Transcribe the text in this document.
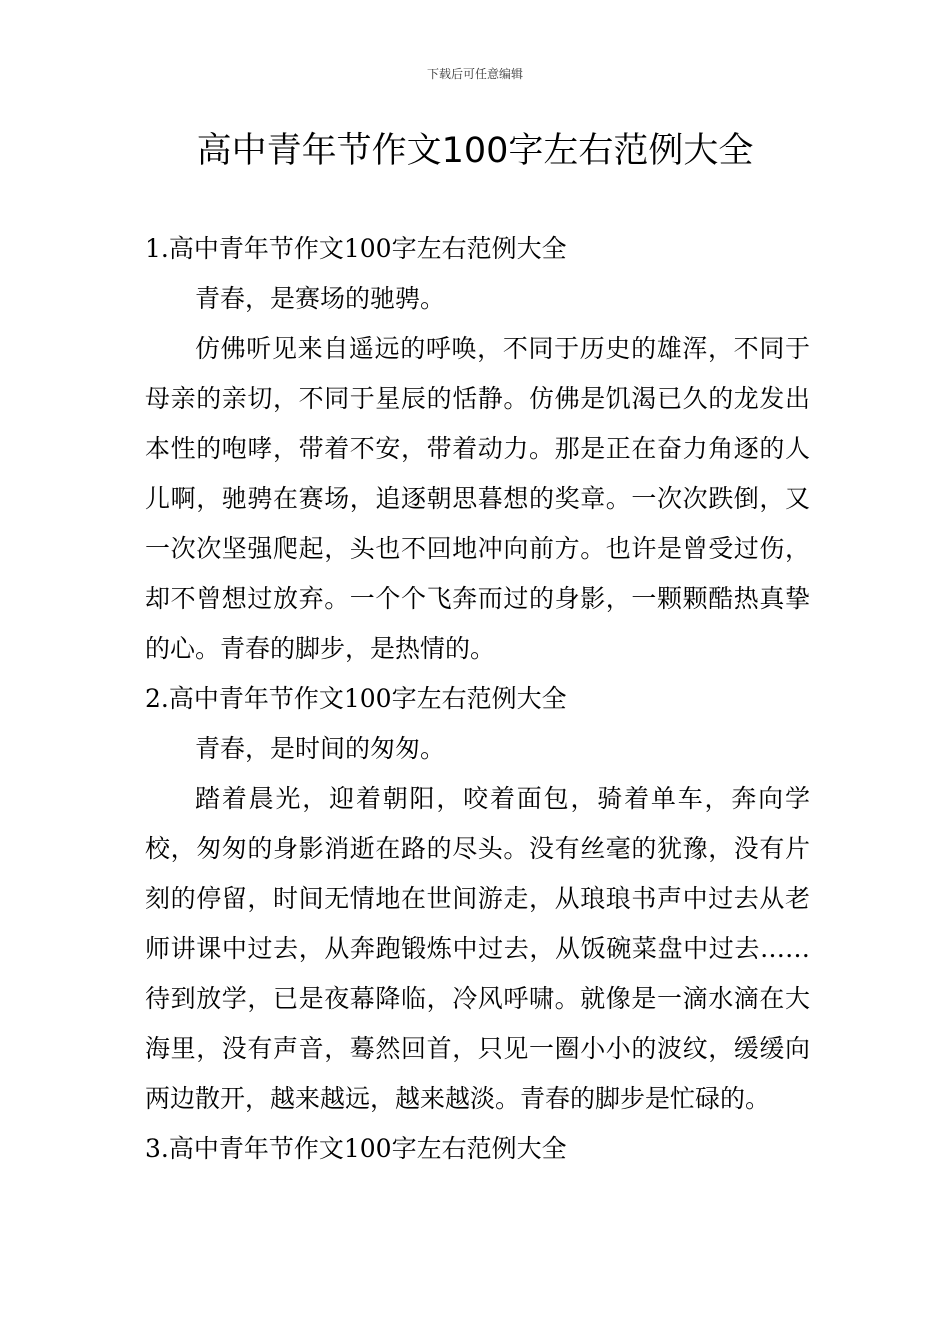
下载后可任意编辑
高中青年节作文100字左右范例大全
1.高中青年节作文100字左右范例大全

青春，是赛场的驰骋。

仿佛听见来自遥远的呼唤，不同于历史的雄浑，不同于母亲的亲切，不同于星辰的恬静。仿佛是饥渴已久的龙发出本性的咆哮，带着不安，带着动力。那是正在奋力角逐的人儿啊，驰骋在赛场，追逐朝思暮想的奖章。一次次跌倒，又一次次坚强爬起，头也不回地冲向前方。也许是曾受过伤，却不曾想过放弃。一个个飞奔而过的身影，一颗颗酷热真挚的心。青春的脚步，是热情的。

2.高中青年节作文100字左右范例大全

青春，是时间的匆匆。

踏着晨光，迎着朝阳，咬着面包，骑着单车，奔向学校，匆匆的身影消逝在路的尽头。没有丝毫的犹豫，没有片刻的停留，时间无情地在世间游走，从琅琅书声中过去从老师讲课中过去，从奔跑锻炼中过去，从饭碗菜盘中过去……待到放学，已是夜幕降临，冷风呼啸。就像是一滴水滴在大海里，没有声音，蓦然回首，只见一圈小小的波纹，缓缓向两边散开，越来越远，越来越淡。青春的脚步是忙碌的。

3.高中青年节作文100字左右范例大全
